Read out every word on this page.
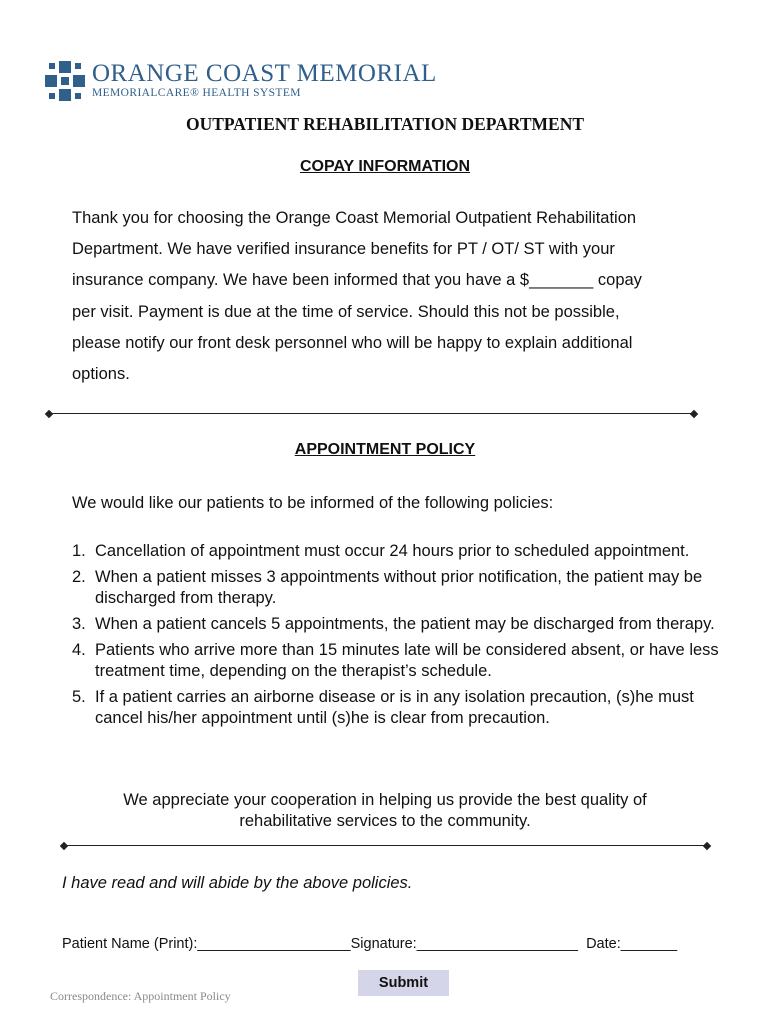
ORANGE COAST MEMORIAL
MEMORIALCARE® HEALTH SYSTEM
OUTPATIENT REHABILITATION DEPARTMENT
COPAY INFORMATION
Thank you for choosing the Orange Coast Memorial Outpatient Rehabilitation
Department. We have verified insurance benefits for PT / OT/ ST with your
insurance company. We have been informed that you have a $_______ copay
per visit. Payment is due at the time of service. Should this not be possible,
please notify our front desk personnel who will be happy to explain additional
options.
APPOINTMENT POLICY
We would like our patients to be informed of the following policies:
1. Cancellation of appointment must occur 24 hours prior to scheduled appointment.
2. When a patient misses 3 appointments without prior notification, the patient may be discharged from therapy.
3. When a patient cancels 5 appointments, the patient may be discharged from therapy.
4. Patients who arrive more than 15 minutes late will be considered absent, or have less treatment time, depending on the therapist’s schedule.
5. If a patient carries an airborne disease or is in any isolation precaution, (s)he must cancel his/her appointment until (s)he is clear from precaution.
We appreciate your cooperation in helping us provide the best quality of
rehabilitative services to the community.
I have read and will abide by the above policies.
Patient Name (Print):___________________Signature:____________________ Date:_______
Submit
Correspondence: Appointment Policy
